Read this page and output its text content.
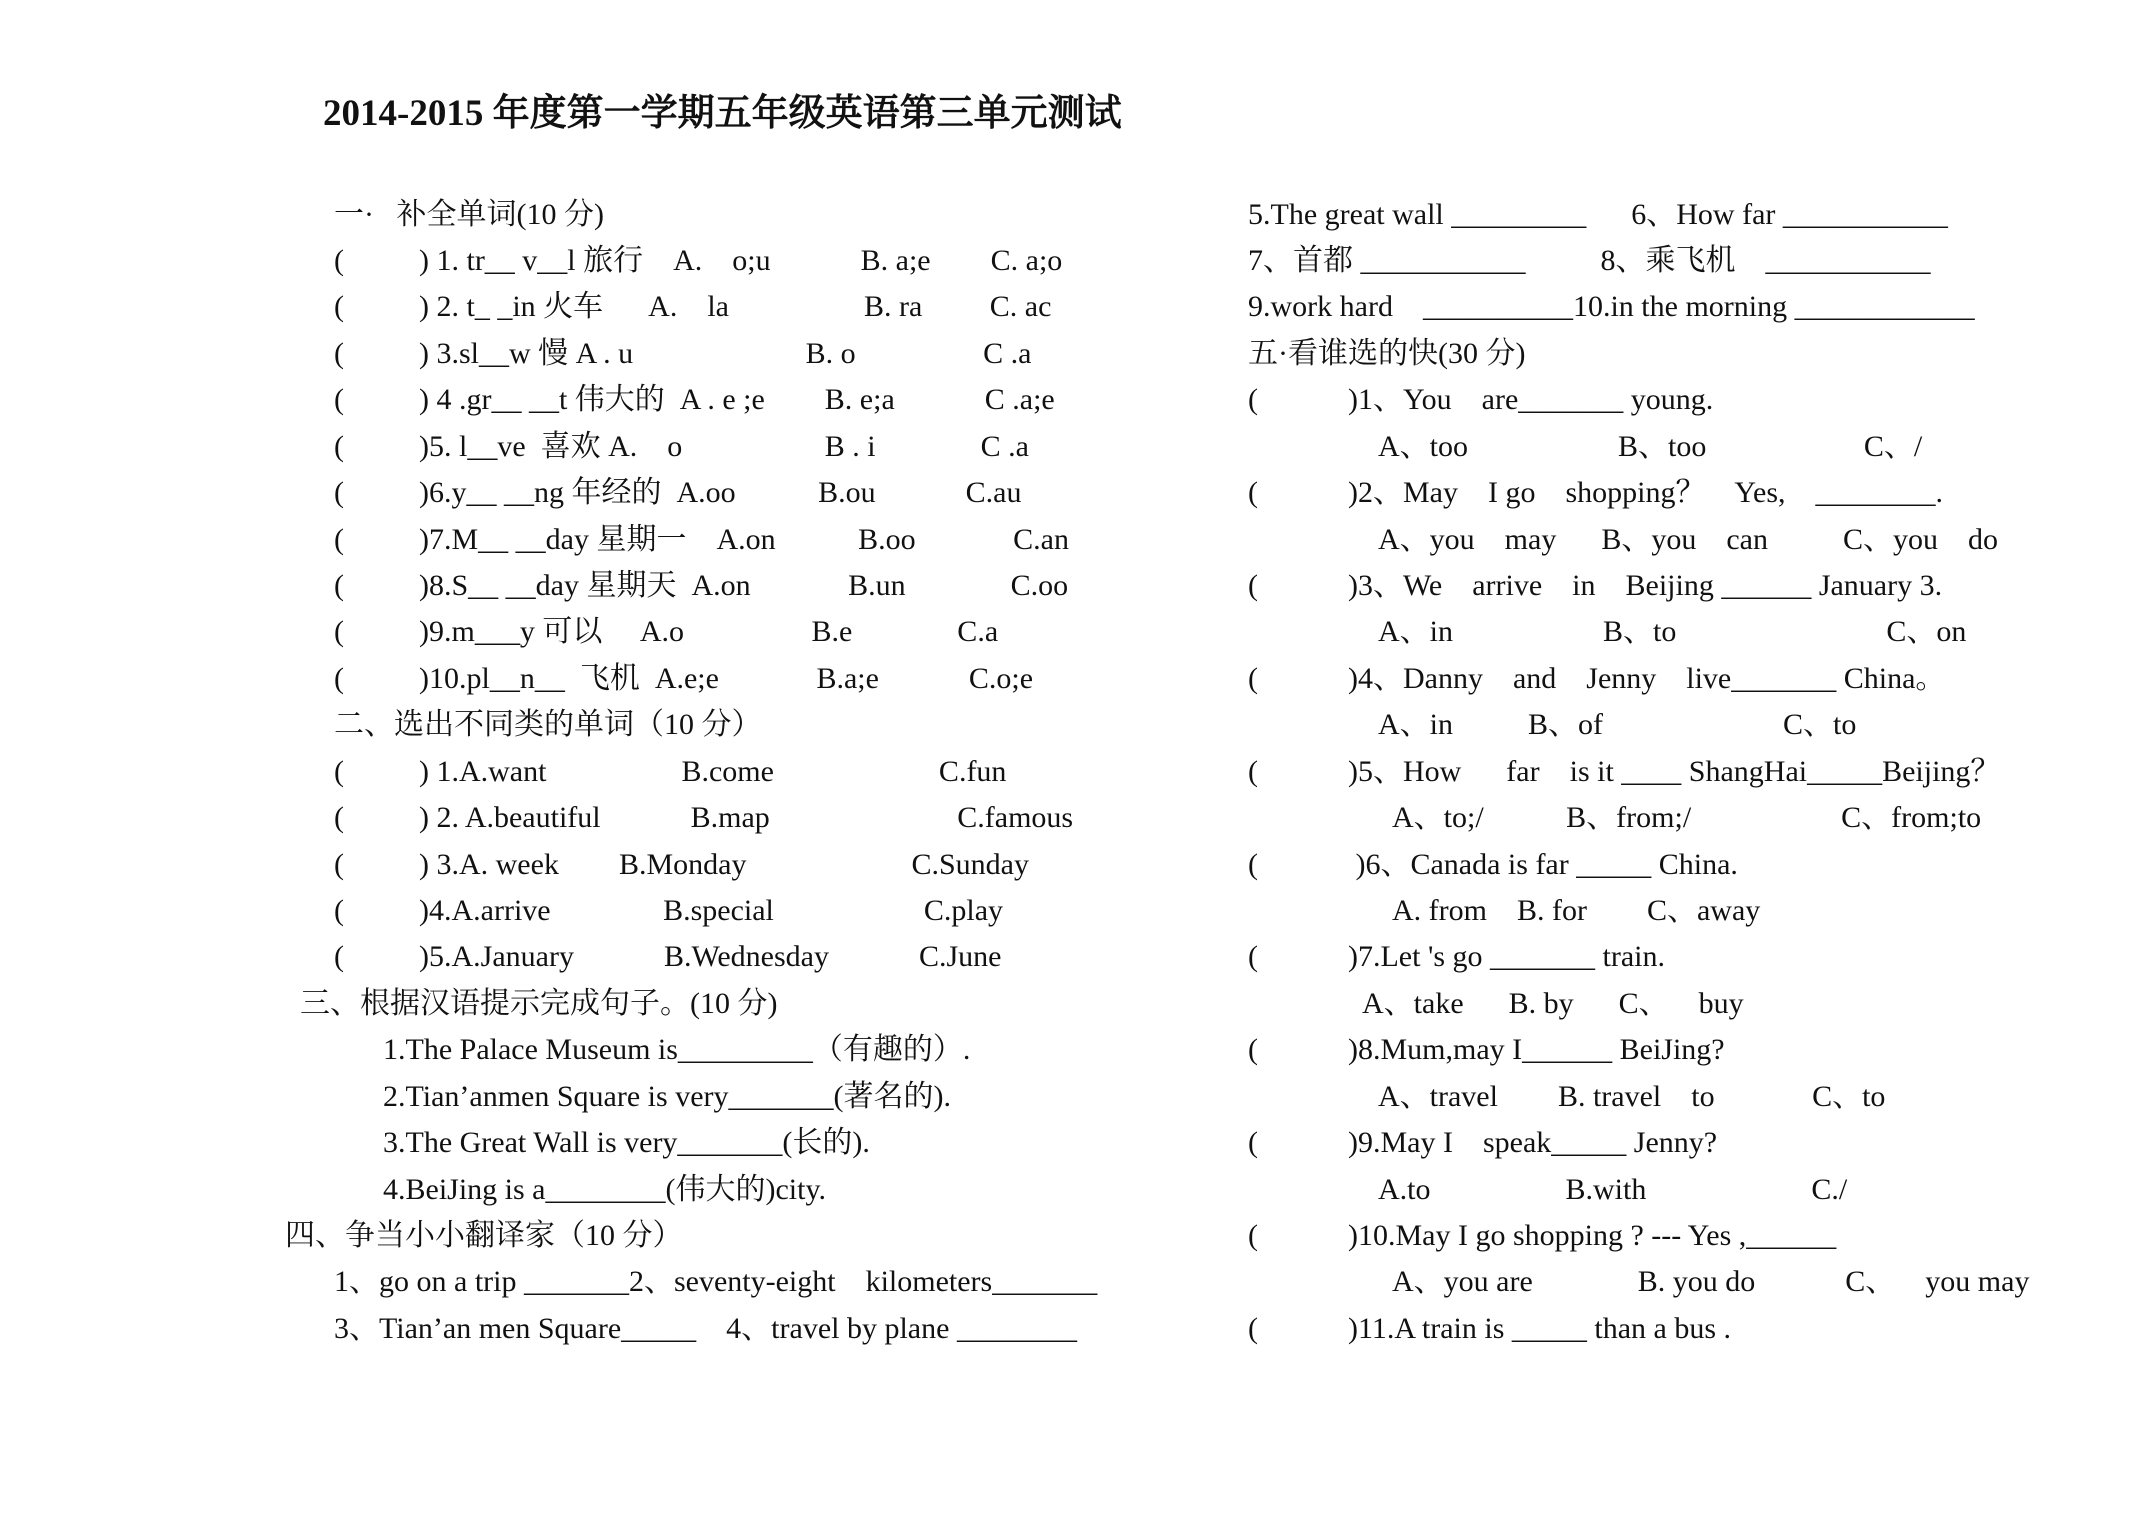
2014-2015 年度第一学期五年级英语第三单元测试
一·   补全单词(10 分)
(          ) 1. tr__ v__l 旅行    A.    o;u            B. a;e        C. a;o
(          ) 2. t_ _in 火车      A.    la                  B. ra         C. ac
(          ) 3.sl__w 慢 A . u                       B. o                 C .a
(          ) 4 .gr__ __t 伟大的  A . e ;e        B. e;a            C .a;e
(          )5. l__ve  喜欢 A.    o                   B . i              C .a
(          )6.y__ __ng 年经的  A.oo           B.ou            C.au
(          )7.M__ __day 星期一    A.on           B.oo             C.an
(          )8.S__ __day 星期天  A.on             B.un              C.oo
(          )9.m___y 可以     A.o                 B.e              C.a
(          )10.pl__n__  飞机  A.e;e             B.a;e            C.o;e
二、选出不同类的单词（10 分）
(          ) 1.A.want                  B.come                      C.fun
(          ) 2. A.beautiful            B.map                         C.famous
(          ) 3.A. week        B.Monday                      C.Sunday
(          )4.A.arrive               B.special                    C.play
(          )5.A.January            B.Wednesday            C.June
三、根据汉语提示完成句子。(10 分)
1.The Palace Museum is_________（有趣的）.
2.Tian’anmen Square is very_______(著名的).
3.The Great Wall is very_______(长的).
4.BeiJing is a________(伟大的)city.
四、争当小小翻译家（10 分）
1、go on a trip _______2、seventy-eight    kilometers_______
3、Tian’an men Square_____    4、travel by plane ________
5.The great wall _________      6、How far ___________
7、首都 ___________          8、乘飞机    ___________
9.work hard    __________10.in the morning ____________
五·看谁选的快(30 分)
(            )1、You    are_______ young.
A、too                    B、too                     C、/
(            )2、May    I go    shopping？    Yes,    ________.
A、you    may      B、you    can          C、you    do
(            )3、We    arrive    in    Beijing ______ January 3.
A、in                    B、to                            C、on
(            )4、Danny    and    Jenny    live_______ China。
A、in          B、of                        C、to
(            )5、How      far    is it ____ ShangHai_____Beijing？
A、to;/           B、from;/                    C、from;to
(             )6、Canada is far _____ China.
A. from    B. for        C、away
(            )7.Let 's go _______ train.
A、take      B. by      C、    buy
(            )8.Mum,may I______ BeiJing?
A、travel        B. travel    to             C、to
(            )9.May I    speak_____ Jenny?
A.to                  B.with                      C./
(            )10.May I go shopping ? --- Yes ,______
A、you are              B. you do            C、    you may
(            )11.A train is _____ than a bus .
